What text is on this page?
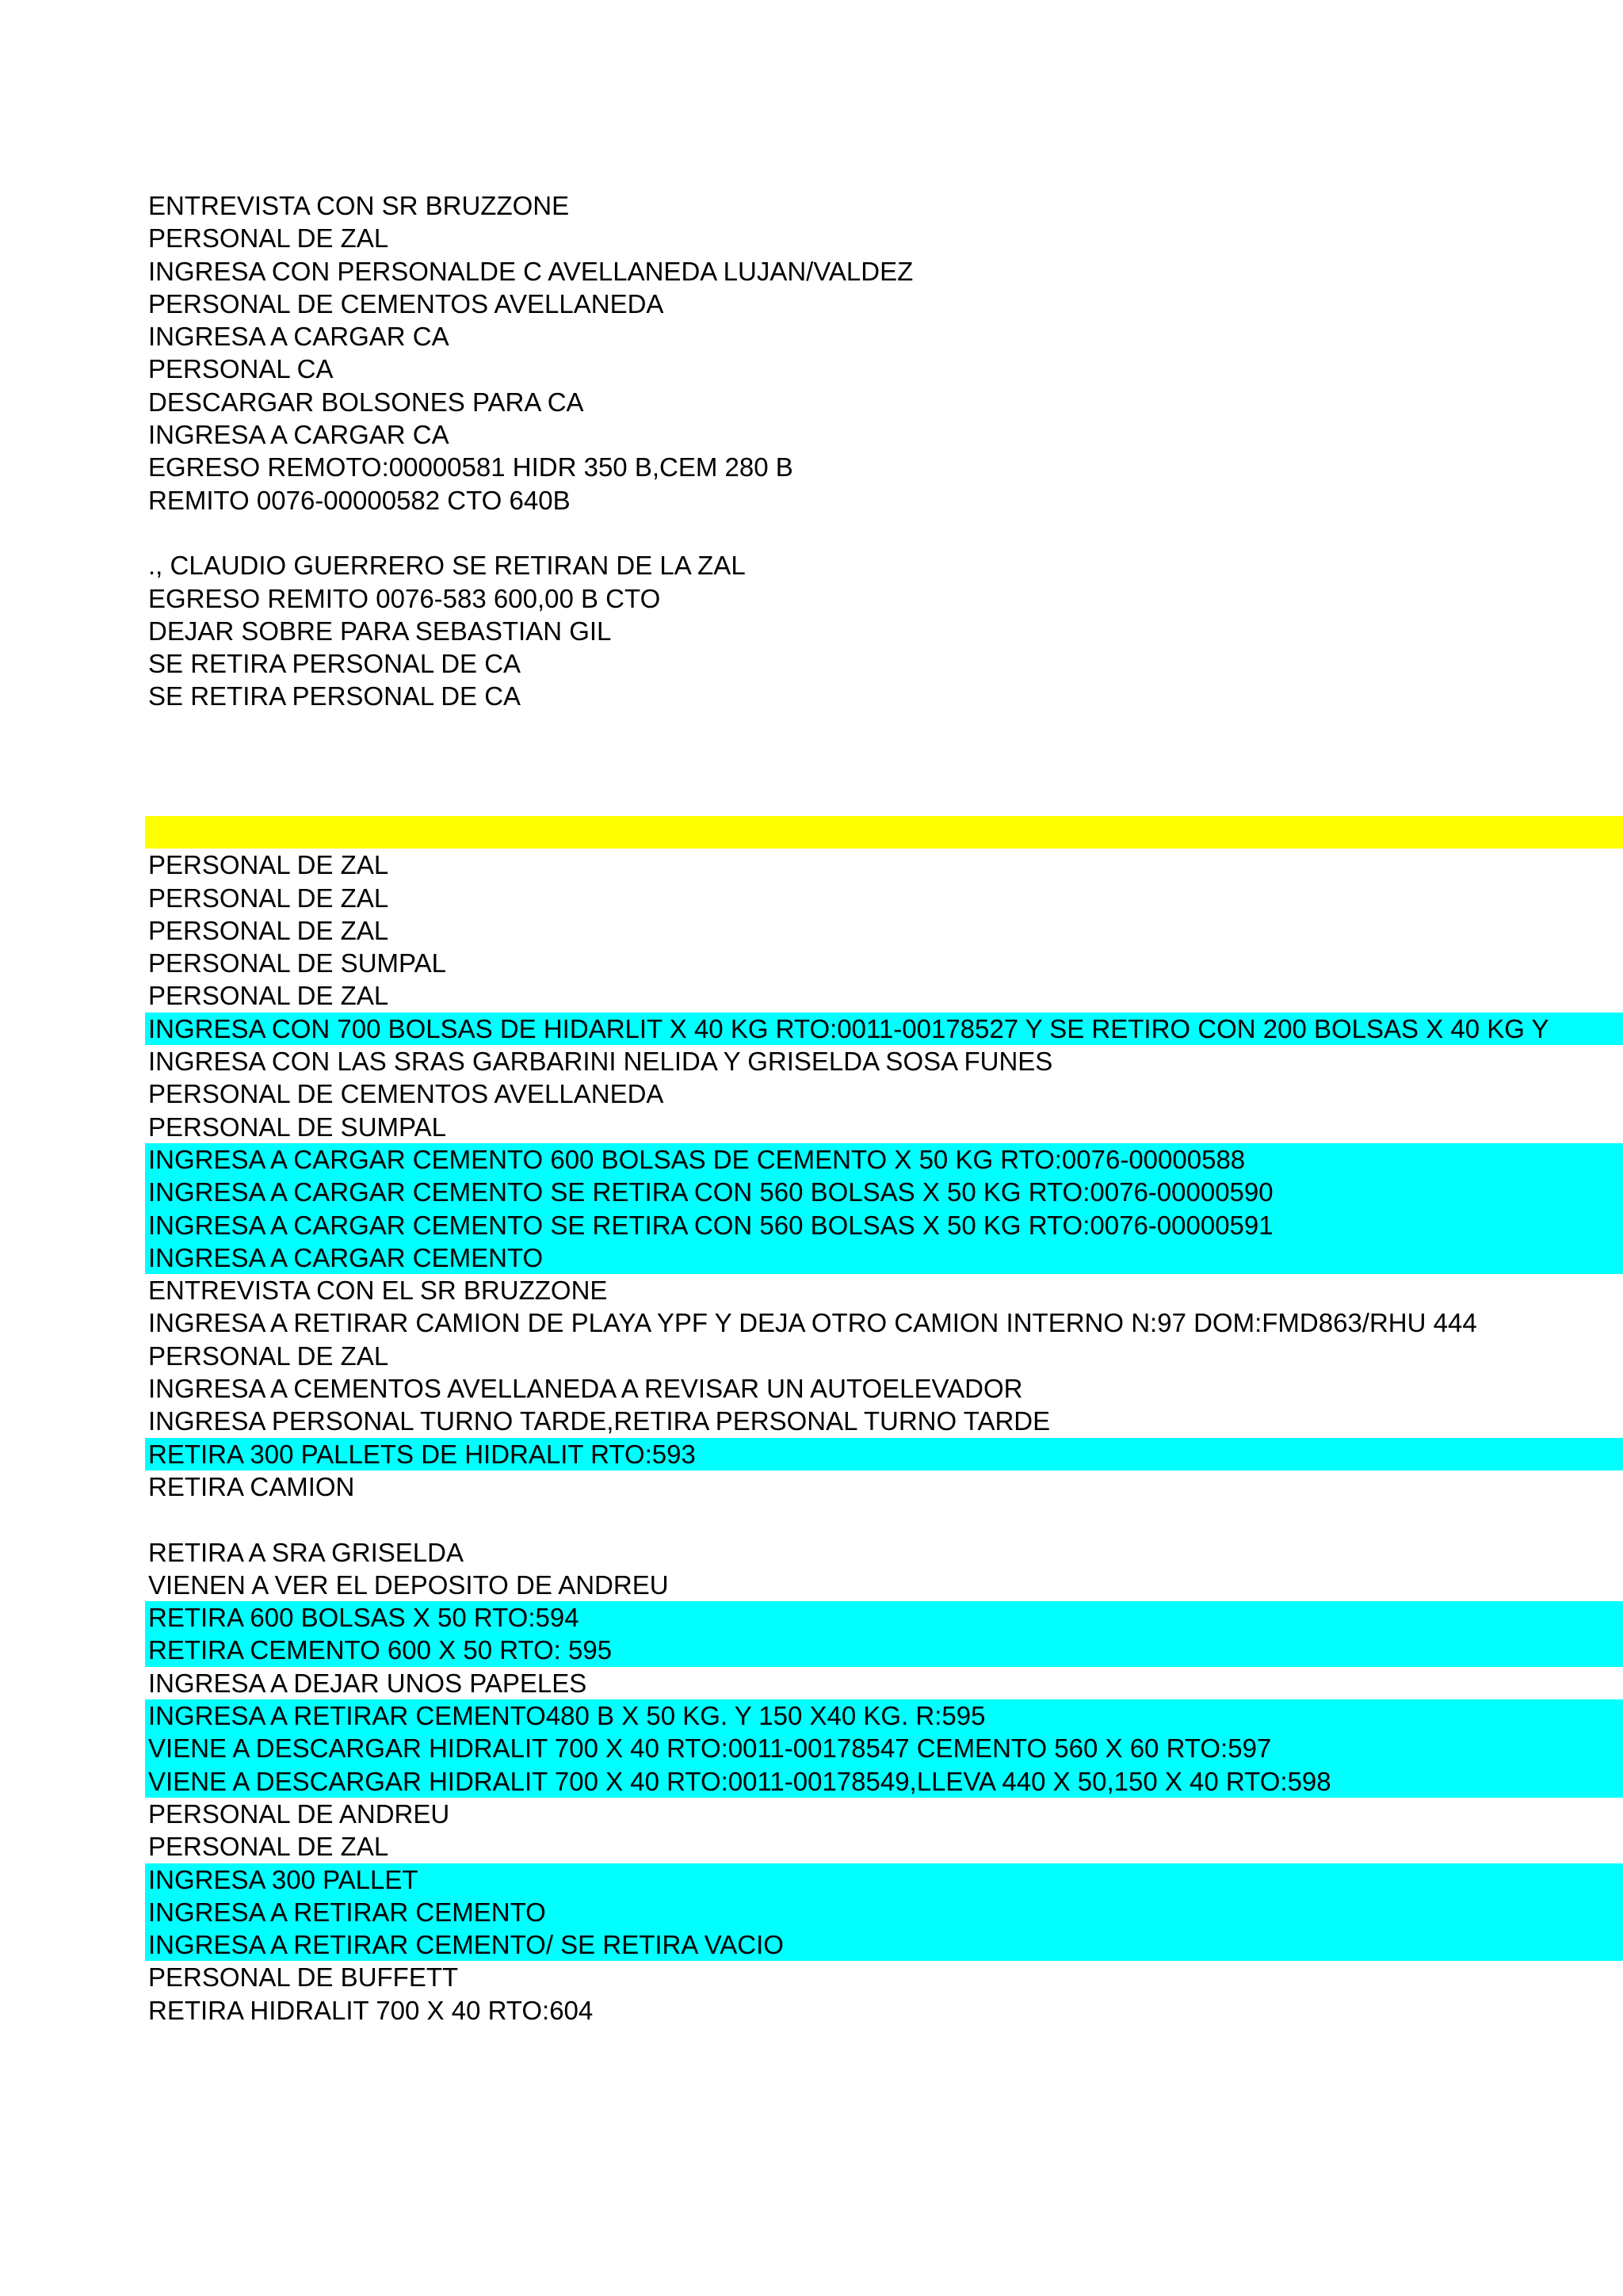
ENTREVISTA CON SR BRUZZONE
PERSONAL DE ZAL
INGRESA CON PERSONALDE C AVELLANEDA LUJAN/VALDEZ
PERSONAL DE CEMENTOS AVELLANEDA
INGRESA A CARGAR CA
PERSONAL CA
DESCARGAR BOLSONES PARA CA
INGRESA A CARGAR CA
EGRESO REMOTO:00000581 HIDR 350 B,CEM 280 B
REMITO 0076-00000582 CTO 640B
., CLAUDIO GUERRERO SE RETIRAN DE LA ZAL
EGRESO REMITO 0076-583 600,00 B CTO
DEJAR SOBRE PARA SEBASTIAN GIL
SE RETIRA PERSONAL DE CA
SE RETIRA PERSONAL DE CA
PERSONAL DE ZAL
PERSONAL DE ZAL
PERSONAL DE ZAL
PERSONAL DE SUMPAL
PERSONAL DE ZAL
INGRESA CON 700 BOLSAS DE HIDARLIT X 40 KG RTO:0011-00178527 Y SE RETIRO CON 200 BOLSAS X 40 KG Y
INGRESA CON LAS SRAS GARBARINI NELIDA Y GRISELDA SOSA FUNES
PERSONAL DE CEMENTOS AVELLANEDA
PERSONAL DE SUMPAL
INGRESA A CARGAR CEMENTO 600 BOLSAS DE CEMENTO X 50 KG RTO:0076-00000588
INGRESA A CARGAR CEMENTO SE RETIRA CON 560 BOLSAS X 50 KG RTO:0076-00000590
INGRESA A CARGAR CEMENTO SE RETIRA CON 560 BOLSAS X 50 KG RTO:0076-00000591
INGRESA A CARGAR CEMENTO
ENTREVISTA CON EL SR BRUZZONE
INGRESA A RETIRAR CAMION DE PLAYA YPF Y DEJA OTRO CAMION INTERNO N:97 DOM:FMD863/RHU 444
PERSONAL DE ZAL
INGRESA A CEMENTOS AVELLANEDA A REVISAR UN AUTOELEVADOR
INGRESA PERSONAL TURNO TARDE,RETIRA PERSONAL TURNO TARDE
RETIRA 300 PALLETS DE HIDRALIT RTO:593
RETIRA CAMION
RETIRA A SRA GRISELDA
VIENEN A VER EL DEPOSITO DE ANDREU
RETIRA 600 BOLSAS X 50 RTO:594
RETIRA CEMENTO 600 X 50 RTO: 595
INGRESA A DEJAR UNOS PAPELES
INGRESA A RETIRAR CEMENTO480 B X 50 KG. Y 150 X40 KG. R:595
VIENE A DESCARGAR HIDRALIT 700 X 40 RTO:0011-00178547 CEMENTO 560 X 60 RTO:597
VIENE A DESCARGAR HIDRALIT 700 X 40 RTO:0011-00178549,LLEVA 440 X 50,150 X 40 RTO:598
PERSONAL DE ANDREU
PERSONAL DE ZAL
INGRESA 300 PALLET
INGRESA A RETIRAR CEMENTO
INGRESA A RETIRAR CEMENTO/ SE RETIRA VACIO
PERSONAL DE BUFFETT
RETIRA HIDRALIT 700 X 40 RTO:604
